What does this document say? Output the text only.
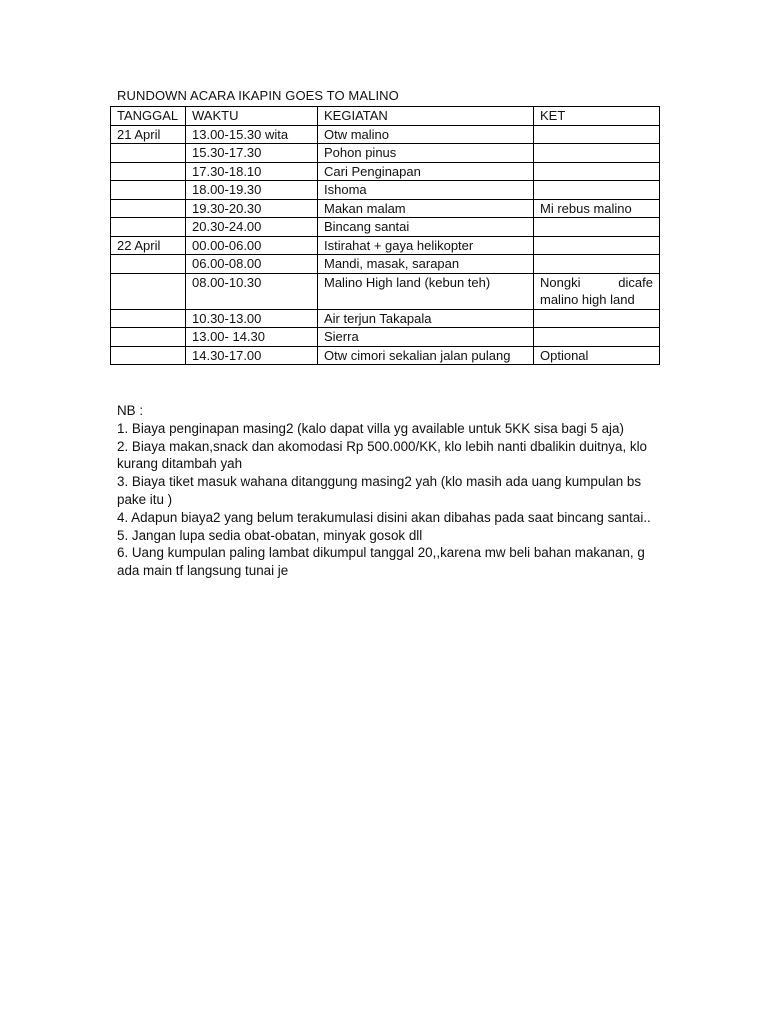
RUNDOWN ACARA IKAPIN GOES TO MALINO
TANGGAL	WAKTU	KEGIATAN	KET
21 April	13.00-15.30 wita	Otw malino	
	15.30-17.30	Pohon pinus	
	17.30-18.10	Cari Penginapan	
	18.00-19.30	Ishoma	
	19.30-20.30	Makan malam	Mi rebus malino
	20.30-24.00	Bincang santai	
22 April	00.00-06.00	Istirahat + gaya helikopter	
	06.00-08.00	Mandi, masak, sarapan	
	08.00-10.30	Malino High land (kebun teh)	Nongki dicafe malino high land
	10.30-13.00	Air terjun Takapala	
	13.00- 14.30	Sierra	
	14.30-17.00	Otw cimori sekalian jalan pulang	Optional

NB :

1. Biaya penginapan masing2 (kalo dapat villa yg available untuk 5KK sisa bagi 5 aja)

2. Biaya makan,snack dan akomodasi Rp 500.000/KK, klo lebih nanti dbalikin duitnya, klo kurang ditambah yah

3. Biaya tiket masuk wahana ditanggung masing2 yah (klo masih ada uang kumpulan bs pake itu )

4. Adapun biaya2 yang belum terakumulasi disini akan dibahas pada saat bincang santai..

5. Jangan lupa sedia obat-obatan, minyak gosok dll

6. Uang kumpulan paling lambat dikumpul tanggal 20,,karena mw beli bahan makanan, g ada main tf langsung tunai je
